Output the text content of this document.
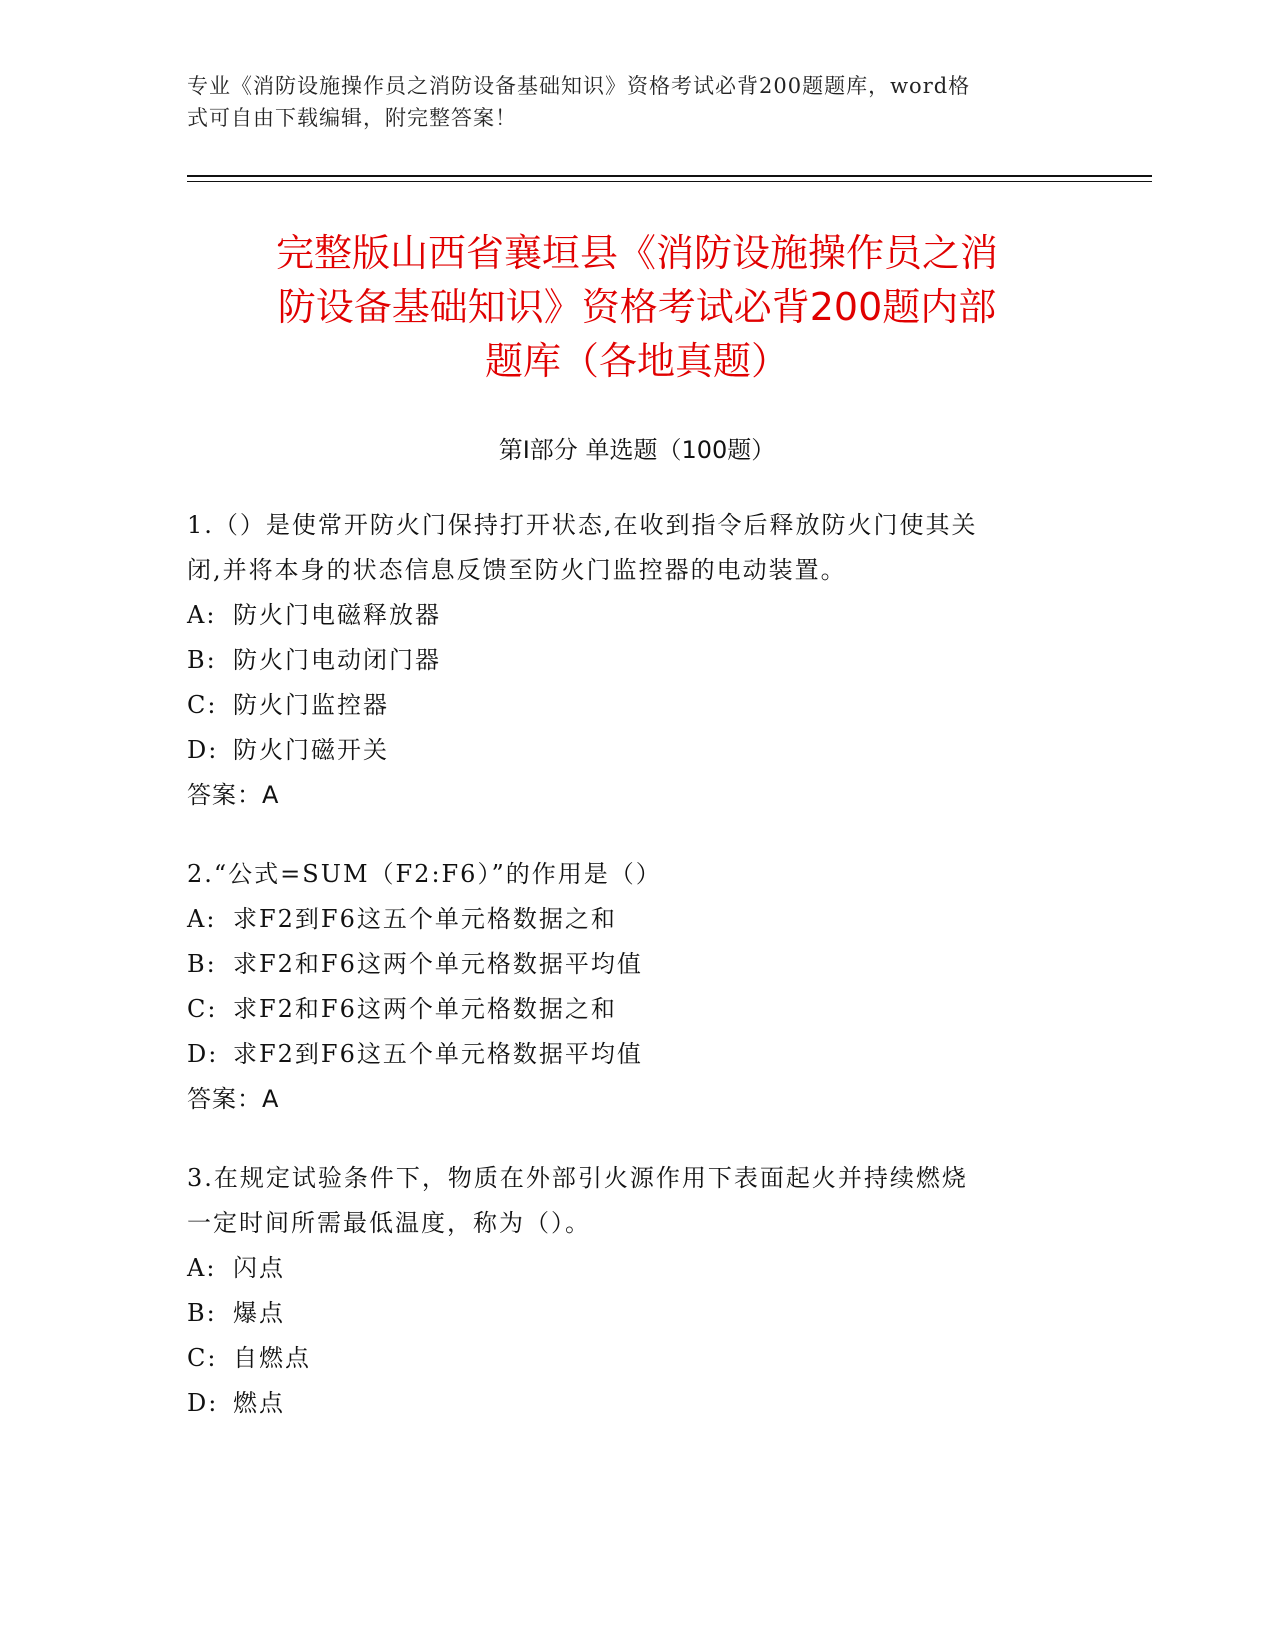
专业《消防设施操作员之消防设备基础知识》资格考试必背200题题库，word格
式可自由下载编辑，附完整答案！
完整版山西省襄垣县《消防设施操作员之消
防设备基础知识》资格考试必背200题内部
题库（各地真题）
第I部分 单选题（100题）
1.（）是使常开防火门保持打开状态,在收到指令后释放防火门使其关
闭,并将本身的状态信息反馈至防火门监控器的电动装置。
A: 防火门电磁释放器
B: 防火门电动闭门器
C: 防火门监控器
D: 防火门磁开关
答案：A
2.“公式=SUM（F2:F6）”的作用是（）
A: 求F2到F6这五个单元格数据之和
B: 求F2和F6这两个单元格数据平均值
C: 求F2和F6这两个单元格数据之和
D: 求F2到F6这五个单元格数据平均值
答案：A
3.在规定试验条件下，物质在外部引火源作用下表面起火并持续燃烧
一定时间所需最低温度，称为（）。
A: 闪点
B: 爆点
C: 自燃点
D: 燃点
